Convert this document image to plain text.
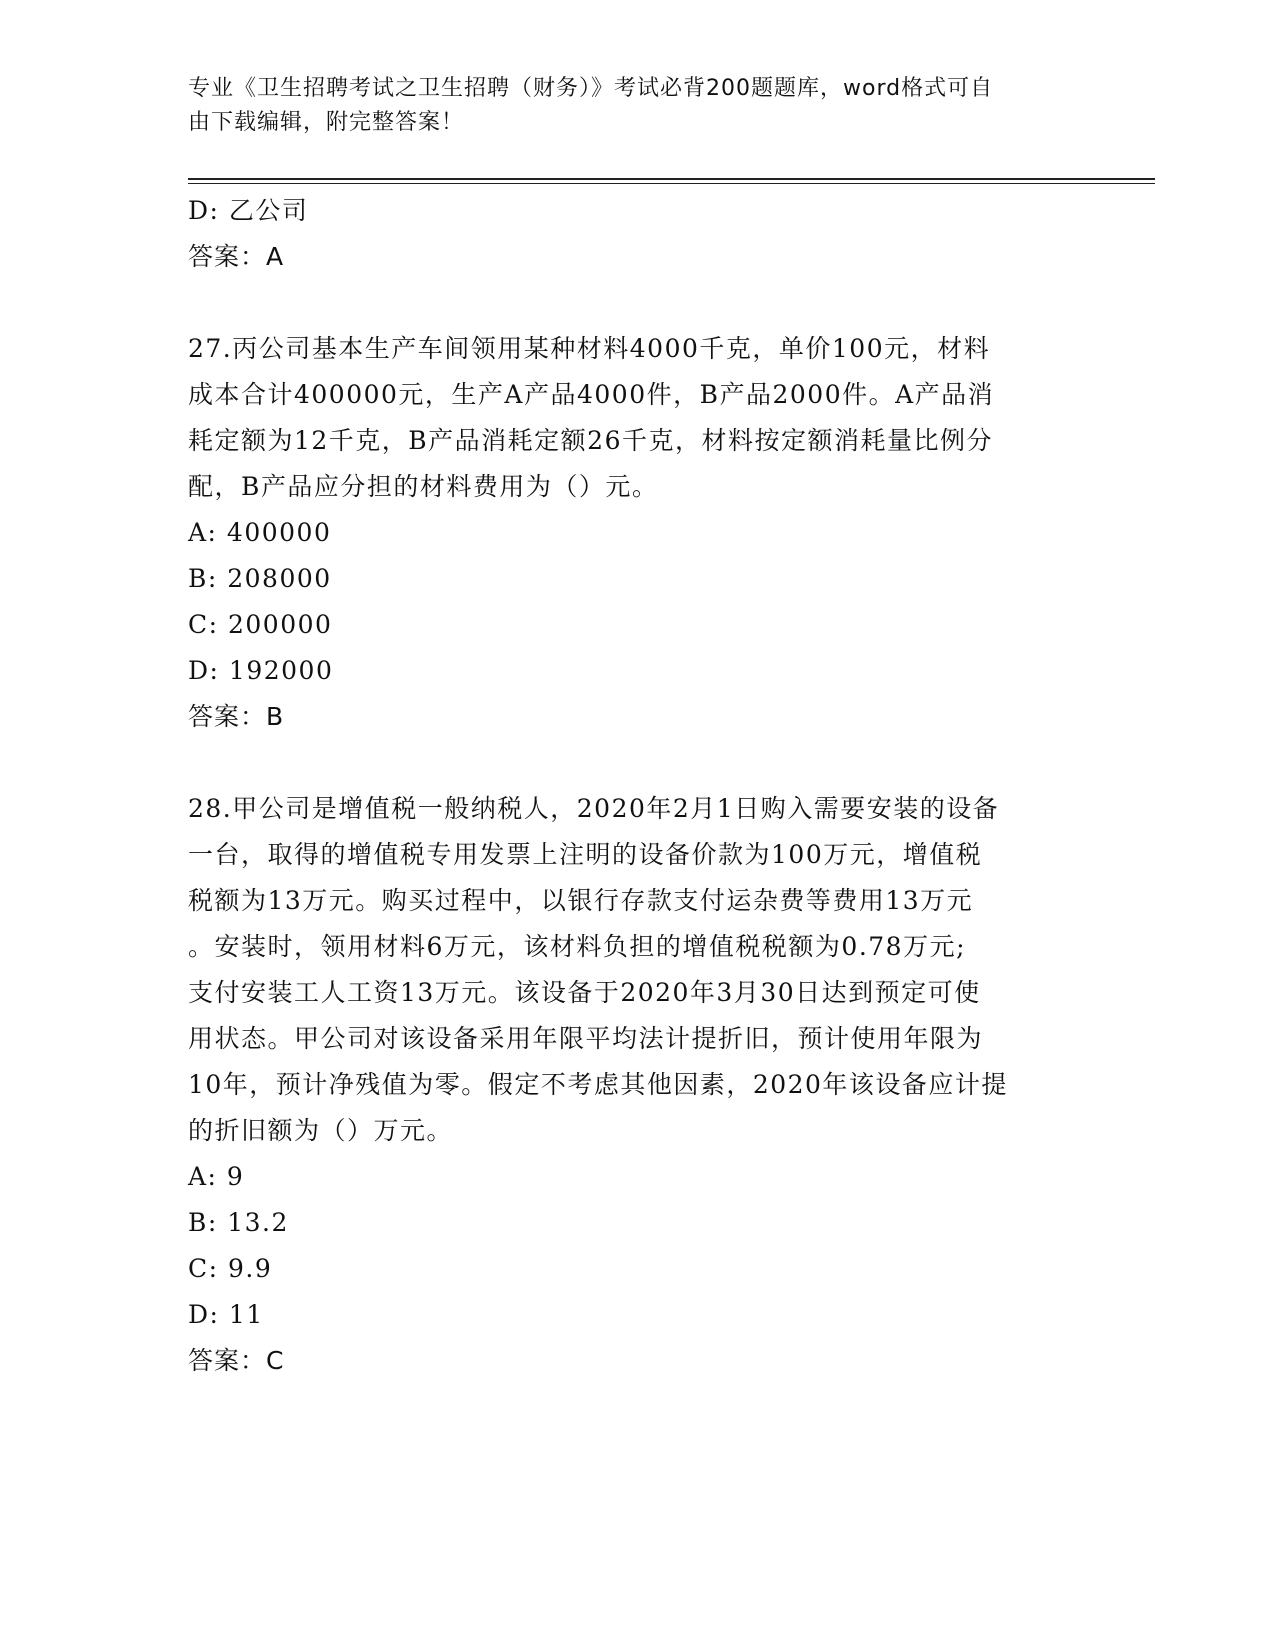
专业《卫生招聘考试之卫生招聘（财务）》考试必背200题题库，word格式可自
由下载编辑，附完整答案！

D: 乙公司

答案：A

27.丙公司基本生产车间领用某种材料4000千克，单价100元，材料

成本合计400000元，生产A产品4000件，B产品2000件。A产品消

耗定额为12千克，B产品消耗定额26千克，材料按定额消耗量比例分

配，B产品应分担的材料费用为（）元。

A: 400000

B: 208000

C: 200000

D: 192000

答案：B

28.甲公司是增值税一般纳税人，2020年2月1日购入需要安装的设备

一台，取得的增值税专用发票上注明的设备价款为100万元，增值税

税额为13万元。购买过程中，以银行存款支付运杂费等费用13万元

。安装时，领用材料6万元，该材料负担的增值税税额为0.78万元;

支付安装工人工资13万元。该设备于2020年3月30日达到预定可使

用状态。甲公司对该设备采用年限平均法计提折旧，预计使用年限为

10年，预计净残值为零。假定不考虑其他因素，2020年该设备应计提

的折旧额为（）万元。

A: 9

B: 13.2

C: 9.9

D: 11

答案：C
